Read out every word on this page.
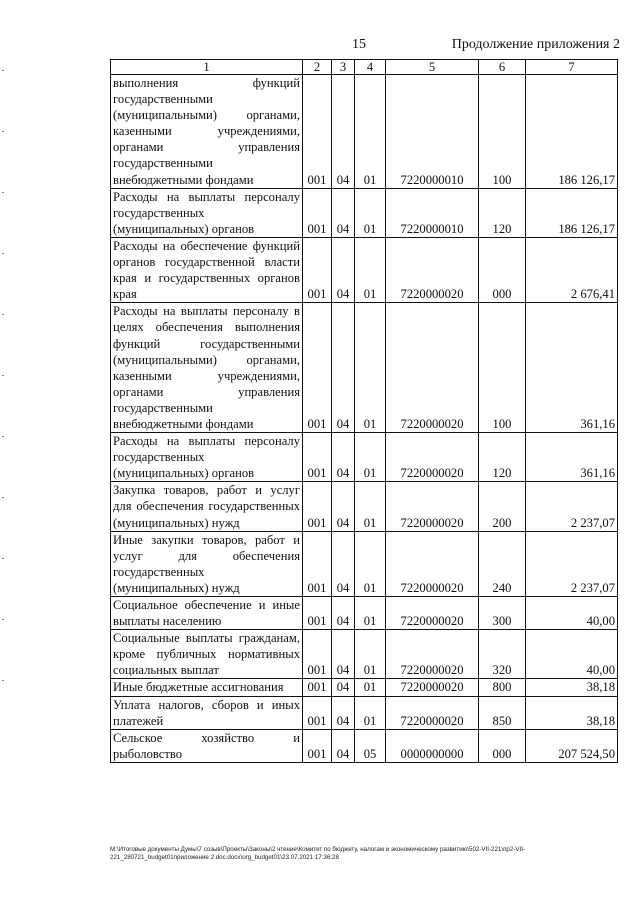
15	Продолжение приложения 2
1	2	3	4	5	6	7
выполнения функций государственными (муниципальными) органами, казенными учреждениями, органами управления государственными внебюджетными фондами	001	04	01	7220000010	100	186 126,17
Расходы на выплаты персоналу государственных (муниципальных) органов	001	04	01	7220000010	120	186 126,17
Расходы на обеспечение функций органов государственной власти края и государственных органов края	001	04	01	7220000020	000	2 676,41
Расходы на выплаты персоналу в целях обеспечения выполнения функций государственными (муниципальными) органами, казенными учреждениями, органами управления государственными внебюджетными фондами	001	04	01	7220000020	100	361,16
Расходы на выплаты персоналу государственных (муниципальных) органов	001	04	01	7220000020	120	361,16
Закупка товаров, работ и услуг для обеспечения государственных (муниципальных) нужд	001	04	01	7220000020	200	2 237,07
Иные закупки товаров, работ и услуг для обеспечения государственных (муниципальных) нужд	001	04	01	7220000020	240	2 237,07
Социальное обеспечение и иные выплаты населению	001	04	01	7220000020	300	40,00
Социальные выплаты гражданам, кроме публичных нормативных социальных выплат	001	04	01	7220000020	320	40,00
Иные бюджетные ассигнования	001	04	01	7220000020	800	38,18
Уплата налогов, сборов и иных платежей	001	04	01	7220000020	850	38,18
Сельское хозяйство и рыболовство	001	04	05	0000000000	000	207 524,50
М:\Итоговые документы Думы\7 созыв\Проекты\Законы\2 чтение\Комитет по бюджету, налогам и экономическому развитию\502-VII-221\пр2-VII-221_280721_budget01приложение 2.doc.docx\org_budget01\23.07.2021 17:36:28
